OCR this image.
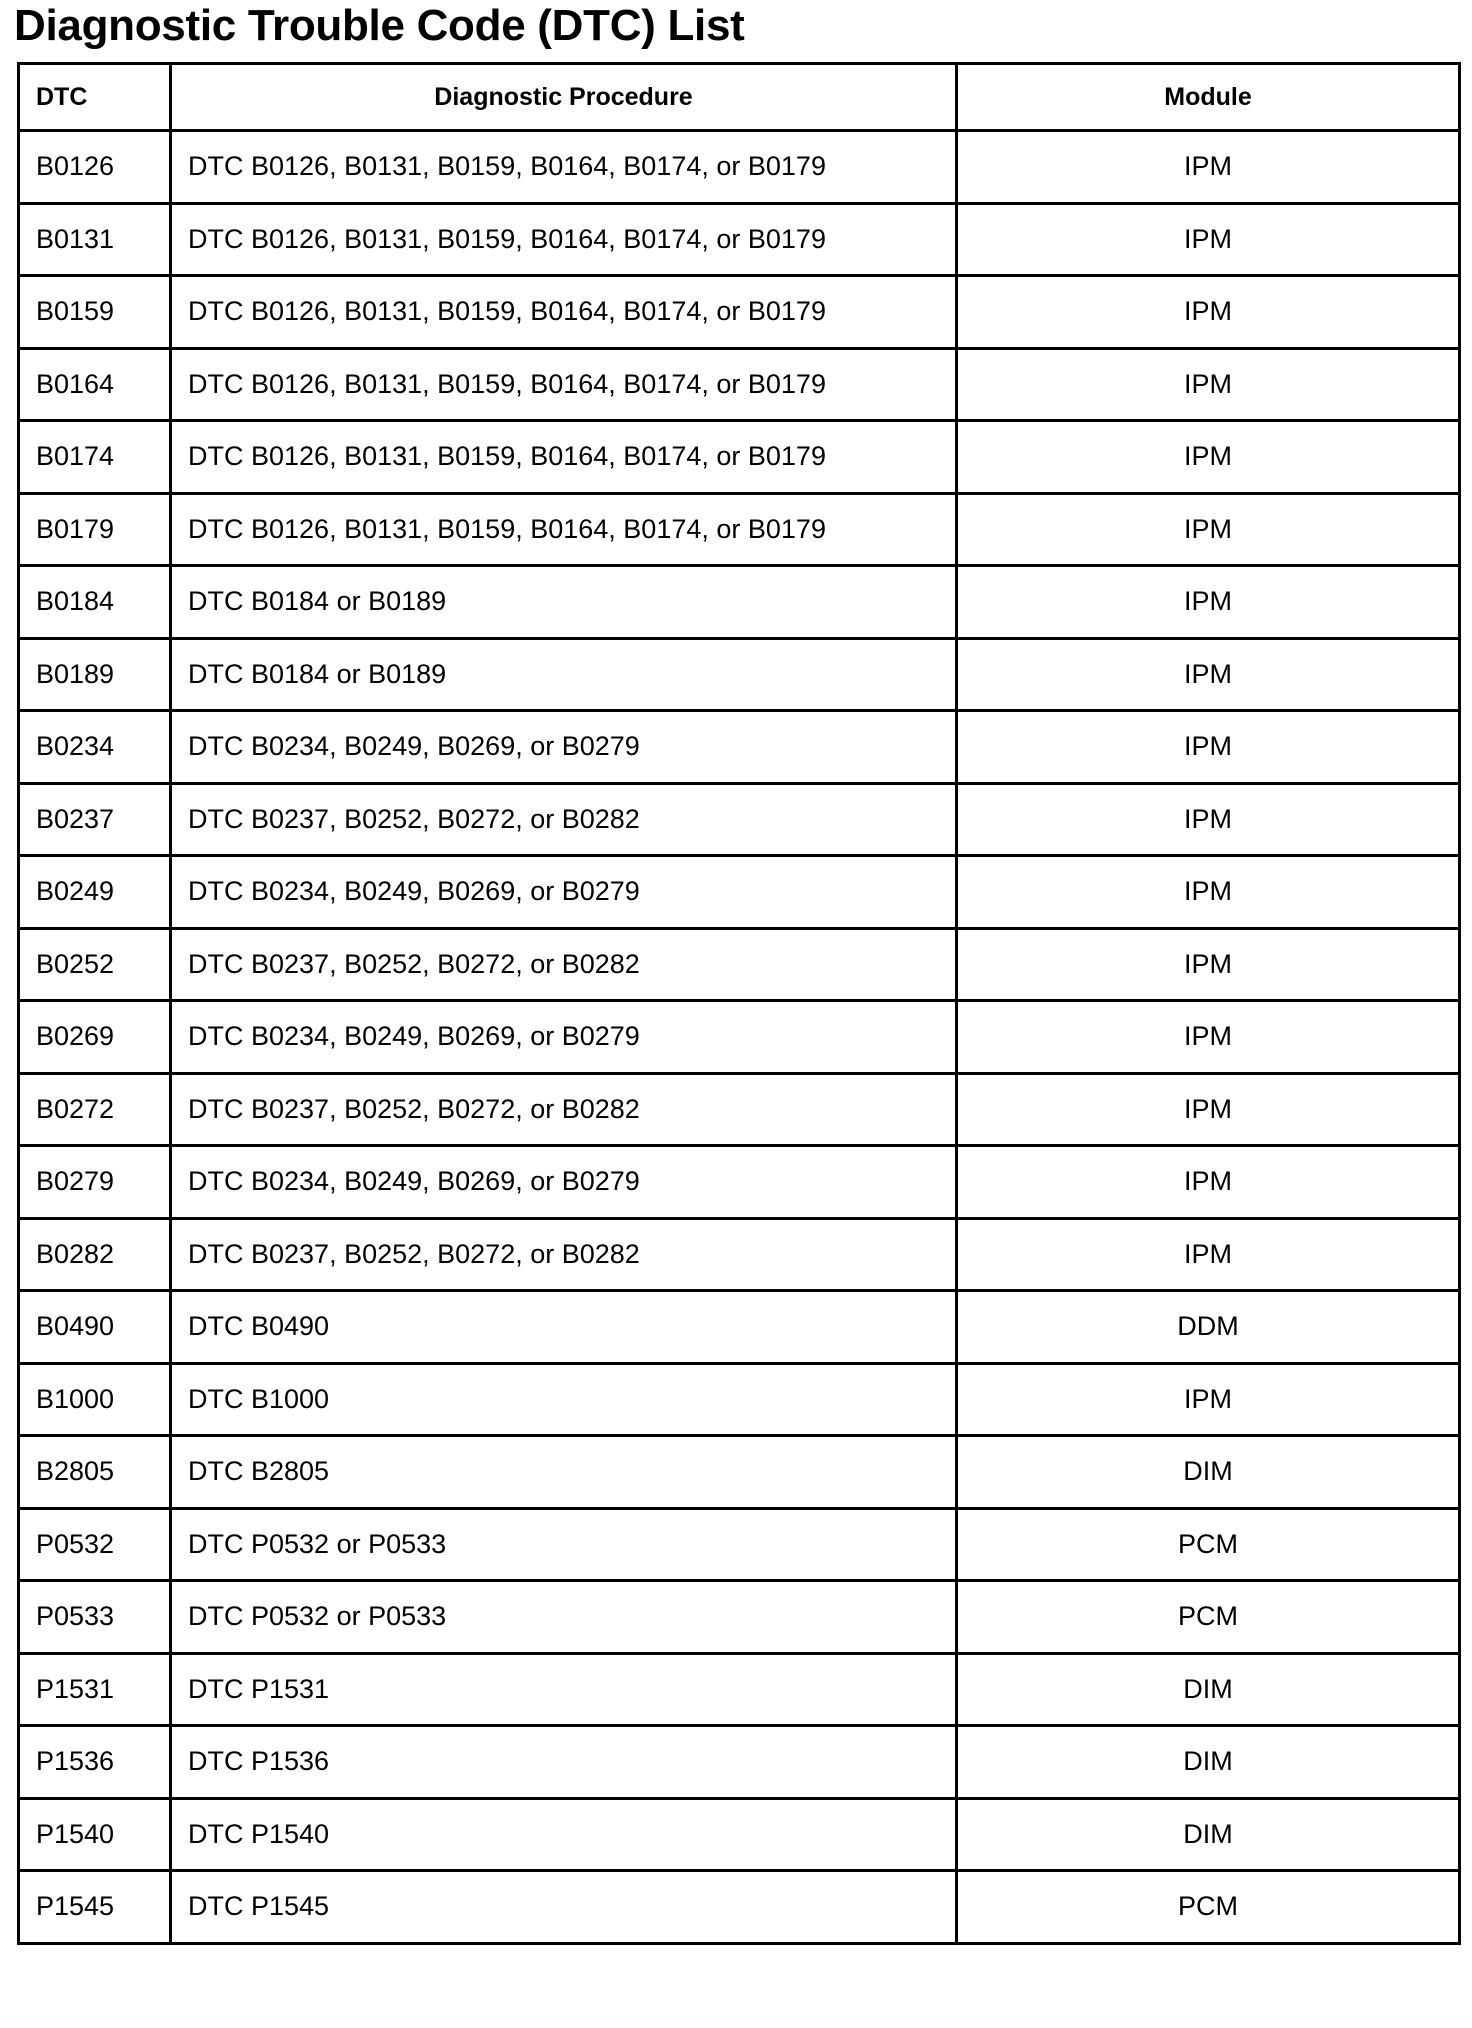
Diagnostic Trouble Code (DTC) List
DTC	Diagnostic Procedure	Module
B0126	DTC B0126, B0131, B0159, B0164, B0174, or B0179	IPM
B0131	DTC B0126, B0131, B0159, B0164, B0174, or B0179	IPM
B0159	DTC B0126, B0131, B0159, B0164, B0174, or B0179	IPM
B0164	DTC B0126, B0131, B0159, B0164, B0174, or B0179	IPM
B0174	DTC B0126, B0131, B0159, B0164, B0174, or B0179	IPM
B0179	DTC B0126, B0131, B0159, B0164, B0174, or B0179	IPM
B0184	DTC B0184 or B0189	IPM
B0189	DTC B0184 or B0189	IPM
B0234	DTC B0234, B0249, B0269, or B0279	IPM
B0237	DTC B0237, B0252, B0272, or B0282	IPM
B0249	DTC B0234, B0249, B0269, or B0279	IPM
B0252	DTC B0237, B0252, B0272, or B0282	IPM
B0269	DTC B0234, B0249, B0269, or B0279	IPM
B0272	DTC B0237, B0252, B0272, or B0282	IPM
B0279	DTC B0234, B0249, B0269, or B0279	IPM
B0282	DTC B0237, B0252, B0272, or B0282	IPM
B0490	DTC B0490	DDM
B1000	DTC B1000	IPM
B2805	DTC B2805	DIM
P0532	DTC P0532 or P0533	PCM
P0533	DTC P0532 or P0533	PCM
P1531	DTC P1531	DIM
P1536	DTC P1536	DIM
P1540	DTC P1540	DIM
P1545	DTC P1545	PCM
